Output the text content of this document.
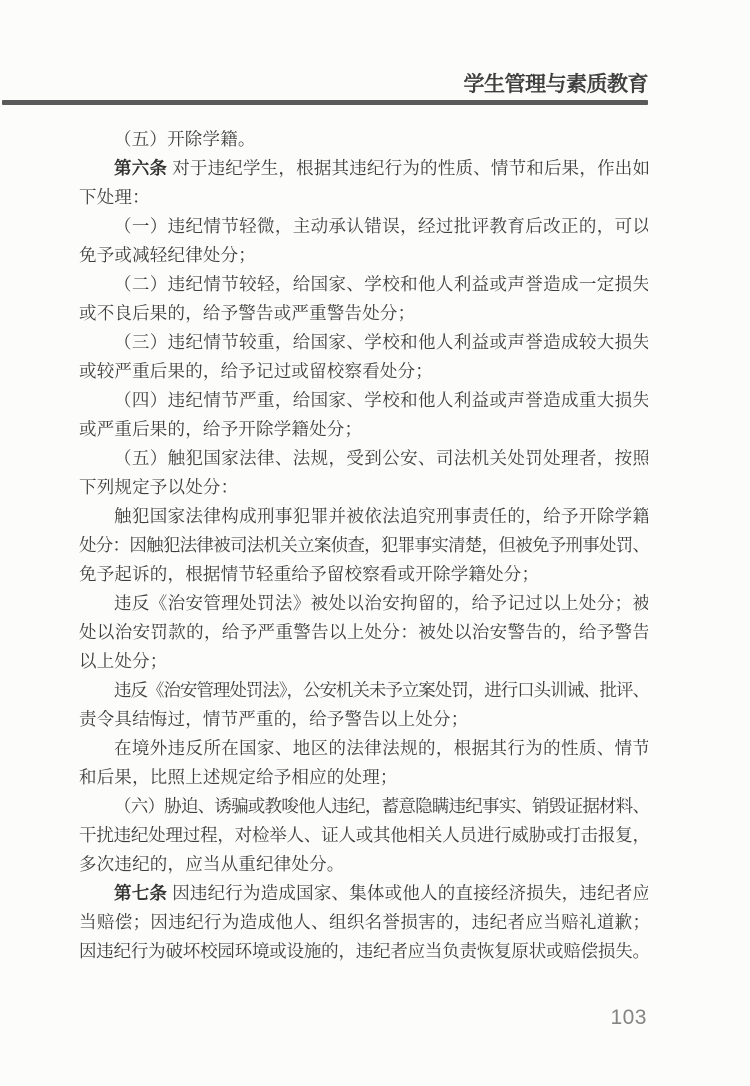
学生管理与素质教育
（五）开除学籍。
第六条 对于违纪学生，根据其违纪行为的性质、情节和后果，作出如
下处理：
（一）违纪情节轻微，主动承认错误，经过批评教育后改正的，可以
免予或减轻纪律处分；
（二）违纪情节较轻，给国家、学校和他人利益或声誉造成一定损失
或不良后果的，给予警告或严重警告处分；
（三）违纪情节较重，给国家、学校和他人利益或声誉造成较大损失
或较严重后果的，给予记过或留校察看处分；
（四）违纪情节严重，给国家、学校和他人利益或声誉造成重大损失
或严重后果的，给予开除学籍处分；
（五）触犯国家法律、法规，受到公安、司法机关处罚处理者，按照
下列规定予以处分：
触犯国家法律构成刑事犯罪并被依法追究刑事责任的，给予开除学籍
处分：因触犯法律被司法机关立案侦查，犯罪事实清楚，但被免予刑事处罚、
免予起诉的，根据情节轻重给予留校察看或开除学籍处分；
违反《治安管理处罚法》被处以治安拘留的，给予记过以上处分；被
处以治安罚款的，给予严重警告以上处分：被处以治安警告的，给予警告
以上处分；
违反《治安管理处罚法》，公安机关未予立案处罚，进行口头训诫、批评、
责令具结悔过，情节严重的，给予警告以上处分；
在境外违反所在国家、地区的法律法规的，根据其行为的性质、情节
和后果，比照上述规定给予相应的处理；
（六）胁迫、诱骗或教唆他人违纪，蓄意隐瞒违纪事实、销毁证据材料、
干扰违纪处理过程，对检举人、证人或其他相关人员进行威胁或打击报复，
多次违纪的，应当从重纪律处分。
第七条 因违纪行为造成国家、集体或他人的直接经济损失，违纪者应
当赔偿；因违纪行为造成他人、组织名誉损害的，违纪者应当赔礼道歉；
因违纪行为破坏校园环境或设施的，违纪者应当负责恢复原状或赔偿损失。
103
